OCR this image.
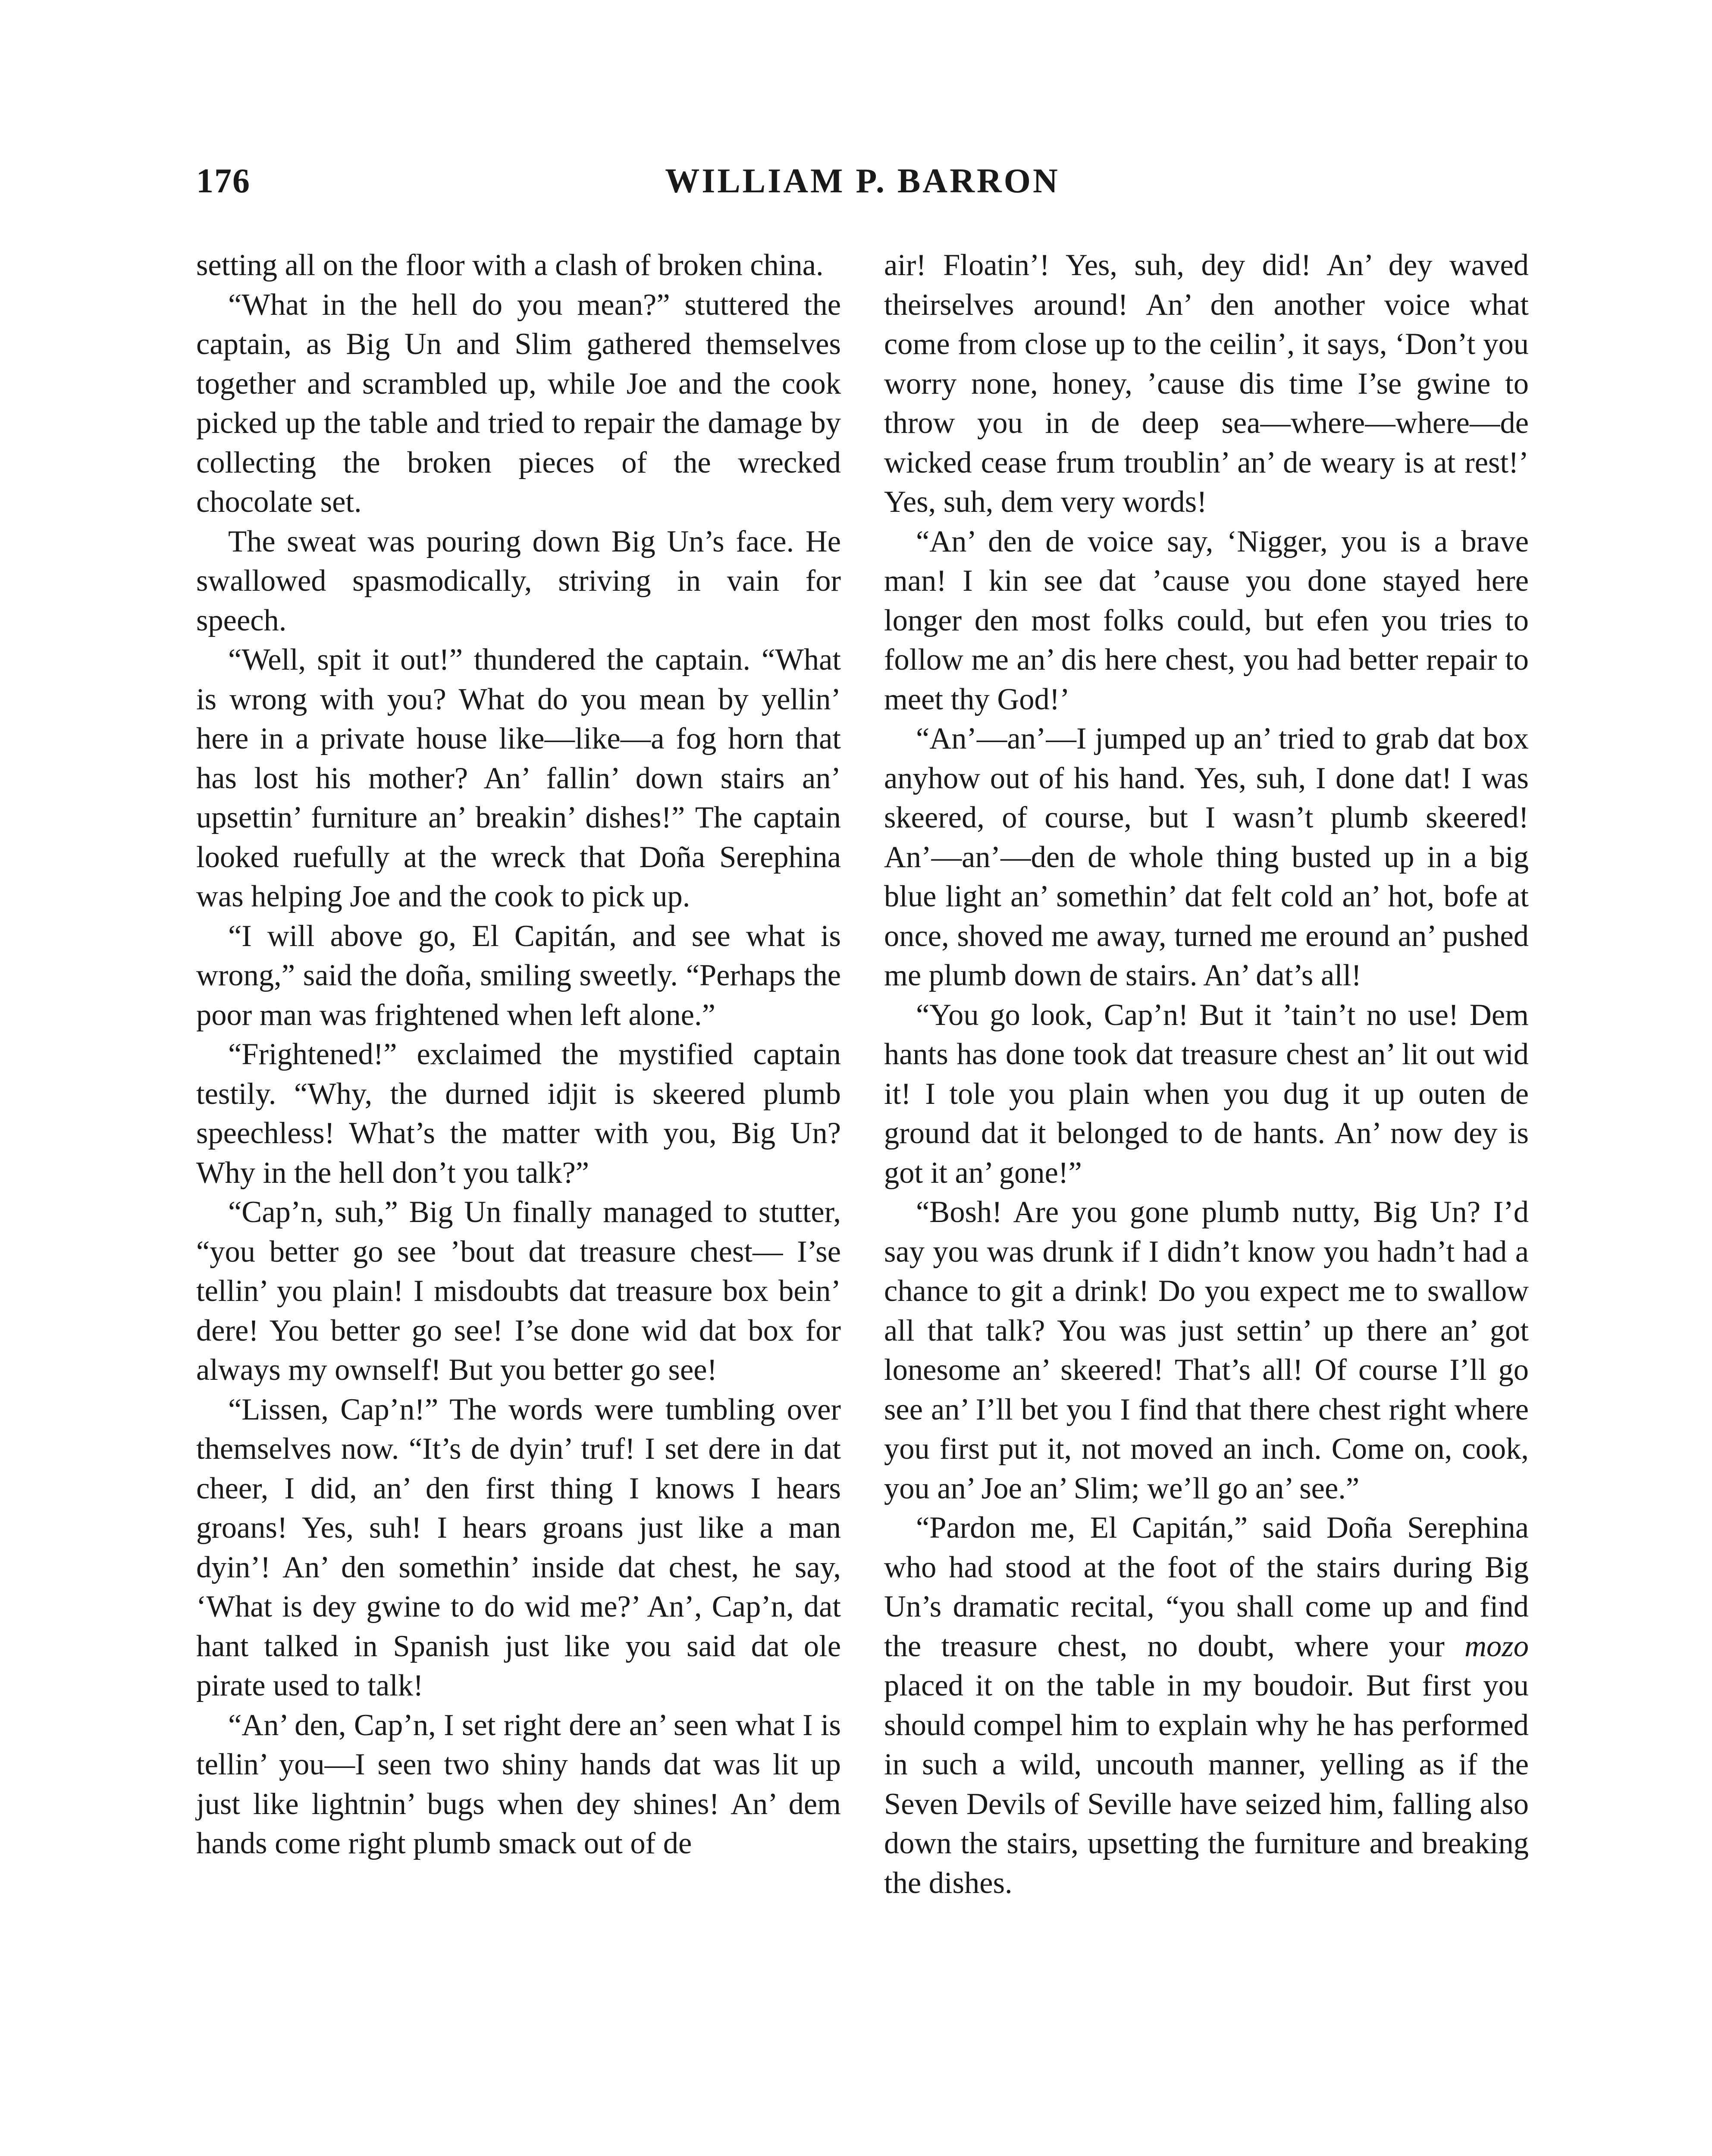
176	WILLIAM P. BARRON

setting all on the floor with a clash of broken china.

“What in the hell do you mean?” stuttered the captain, as Big Un and Slim gathered themselves together and scrambled up, while Joe and the cook picked up the table and tried to repair the damage by collecting the broken pieces of the wrecked chocolate set.

The sweat was pouring down Big Un’s face. He swallowed spasmodically, striving in vain for speech.

“Well, spit it out!” thundered the captain. “What is wrong with you? What do you mean by yellin’ here in a private house like—like—a fog horn that has lost his mother? An’ fallin’ down stairs an’ upsettin’ furniture an’ breakin’ dishes!” The captain looked ruefully at the wreck that Doña Serephina was helping Joe and the cook to pick up.

“I will above go, El Capitán, and see what is wrong,” said the doña, smiling sweetly. “Perhaps the poor man was frightened when left alone.”

“Frightened!” exclaimed the mystified captain testily. “Why, the durned idjit is skeered plumb speechless! What’s the matter with you, Big Un? Why in the hell don’t you talk?”

“Cap’n, suh,” Big Un finally managed to stutter, “you better go see ’bout dat treasure chest— I’se tellin’ you plain! I misdoubts dat treasure box bein’ dere! You better go see! I’se done wid dat box for always my ownself! But you better go see!

“Lissen, Cap’n!” The words were tumbling over themselves now. “It’s de dyin’ truf! I set dere in dat cheer, I did, an’ den first thing I knows I hears groans! Yes, suh! I hears groans just like a man dyin’! An’ den somethin’ inside dat chest, he say, ‘What is dey gwine to do wid me?’ An’, Cap’n, dat hant talked in Spanish just like you said dat ole pirate used to talk!

“An’ den, Cap’n, I set right dere an’ seen what I is tellin’ you—I seen two shiny hands dat was lit up just like lightnin’ bugs when dey shines! An’ dem hands come right plumb smack out of de

air! Floatin’! Yes, suh, dey did! An’ dey waved theirselves around! An’ den another voice what come from close up to the ceilin’, it says, ‘Don’t you worry none, honey, ’cause dis time I’se gwine to throw you in de deep sea—where—where—de wicked cease frum troublin’ an’ de weary is at rest!’ Yes, suh, dem very words!

“An’ den de voice say, ‘Nigger, you is a brave man! I kin see dat ’cause you done stayed here longer den most folks could, but efen you tries to follow me an’ dis here chest, you had better repair to meet thy God!’

“An’—an’—I jumped up an’ tried to grab dat box anyhow out of his hand. Yes, suh, I done dat! I was skeered, of course, but I wasn’t plumb skeered! An’—an’—den de whole thing busted up in a big blue light an’ somethin’ dat felt cold an’ hot, bofe at once, shoved me away, turned me eround an’ pushed me plumb down de stairs. An’ dat’s all!

“You go look, Cap’n! But it ’tain’t no use! Dem hants has done took dat treasure chest an’ lit out wid it! I tole you plain when you dug it up outen de ground dat it belonged to de hants. An’ now dey is got it an’ gone!”

“Bosh! Are you gone plumb nutty, Big Un? I’d say you was drunk if I didn’t know you hadn’t had a chance to git a drink! Do you expect me to swallow all that talk? You was just settin’ up there an’ got lonesome an’ skeered! That’s all! Of course I’ll go see an’ I’ll bet you I find that there chest right where you first put it, not moved an inch. Come on, cook, you an’ Joe an’ Slim; we’ll go an’ see.”

“Pardon me, El Capitán,” said Doña Serephina who had stood at the foot of the stairs during Big Un’s dramatic recital, “you shall come up and find the treasure chest, no doubt, where your mozo placed it on the table in my boudoir. But first you should compel him to explain why he has performed in such a wild, uncouth manner, yelling as if the Seven Devils of Seville have seized him, falling also down the stairs, upsetting the furniture and breaking the dishes.
